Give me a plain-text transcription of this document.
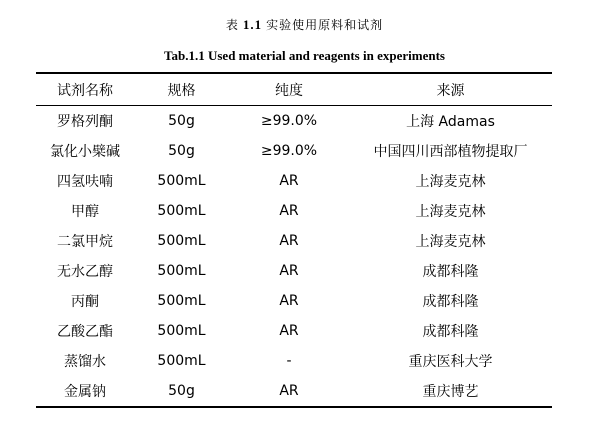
表 1.1 实验使用原料和试剂
Tab.1.1 Used material and reagents in experiments
试剂名称	规格	纯度	来源
罗格列酮	50g	≥99.0%	上海 Adamas
氯化小檗碱	50g	≥99.0%	中国四川西部植物提取厂
四氢呋喃	500mL	AR	上海麦克林
甲醇	500mL	AR	上海麦克林
二氯甲烷	500mL	AR	上海麦克林
无水乙醇	500mL	AR	成都科隆
丙酮	500mL	AR	成都科隆
乙酸乙酯	500mL	AR	成都科隆
蒸馏水	500mL	-	重庆医科大学
金属钠	50g	AR	重庆博艺
